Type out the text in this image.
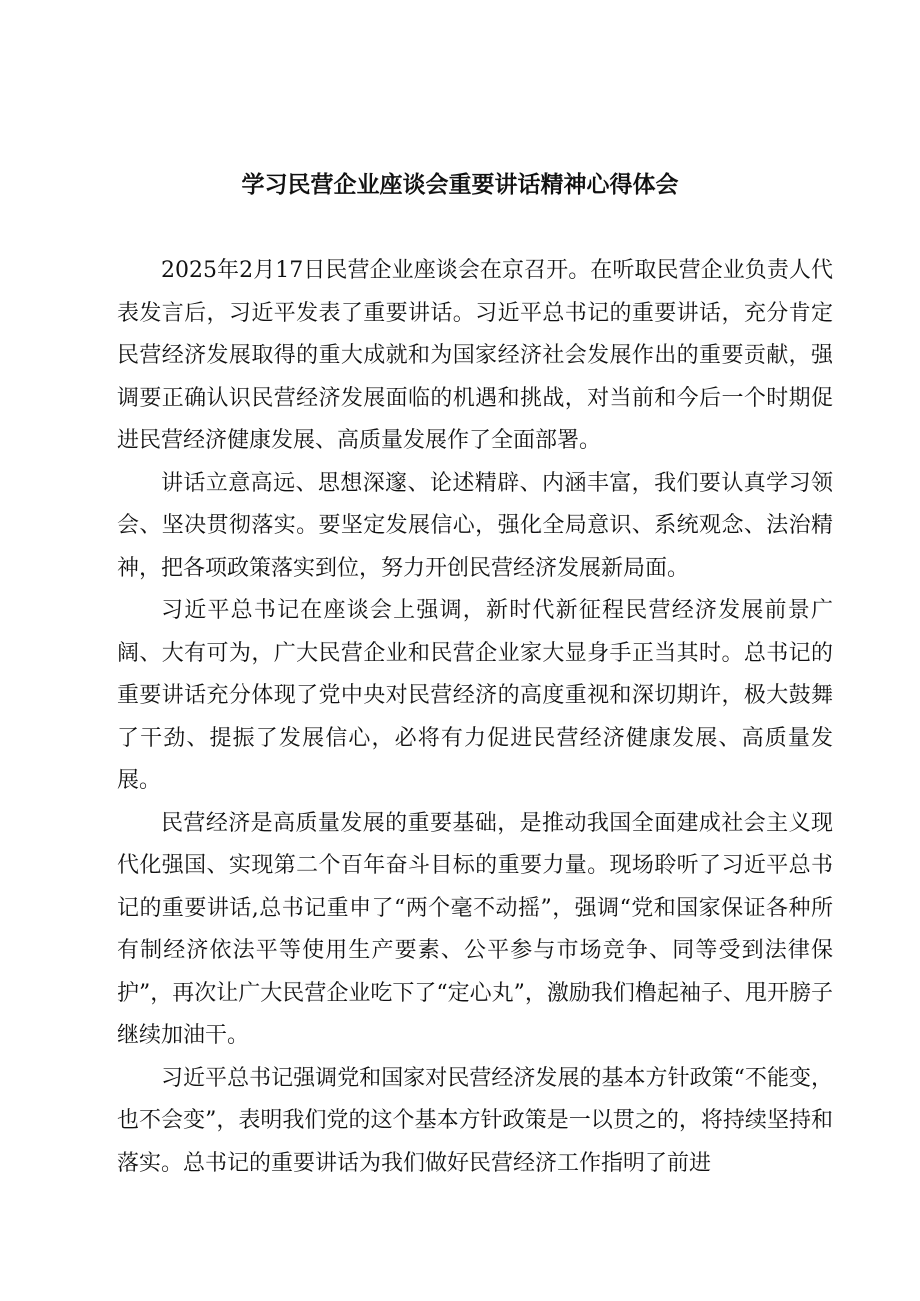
学习民营企业座谈会重要讲话精神心得体会

2025年2月17日民营企业座谈会在京召开。在听取民营企业负责人代表发言后，习近平发表了重要讲话。习近平总书记的重要讲话，充分肯定民营经济发展取得的重大成就和为国家经济社会发展作出的重要贡献，强调要正确认识民营经济发展面临的机遇和挑战，对当前和今后一个时期促进民营经济健康发展、高质量发展作了全面部署。

讲话立意高远、思想深邃、论述精辟、内涵丰富，我们要认真学习领会、坚决贯彻落实。要坚定发展信心，强化全局意识、系统观念、法治精神，把各项政策落实到位，努力开创民营经济发展新局面。

习近平总书记在座谈会上强调，新时代新征程民营经济发展前景广阔、大有可为，广大民营企业和民营企业家大显身手正当其时。总书记的重要讲话充分体现了党中央对民营经济的高度重视和深切期许，极大鼓舞了干劲、提振了发展信心，必将有力促进民营经济健康发展、高质量发展。

民营经济是高质量发展的重要基础，是推动我国全面建成社会主义现代化强国、实现第二个百年奋斗目标的重要力量。现场聆听了习近平总书记的重要讲话,总书记重申了“两个毫不动摇”，强调“党和国家保证各种所有制经济依法平等使用生产要素、公平参与市场竞争、同等受到法律保护”，再次让广大民营企业吃下了“定心丸”，激励我们橹起袖子、甩开膀子继续加油干。

习近平总书记强调党和国家对民营经济发展的基本方针政策“不能变，也不会变”，表明我们党的这个基本方针政策是一以贯之的，将持续坚持和落实。总书记的重要讲话为我们做好民营经济工作指明了前进
